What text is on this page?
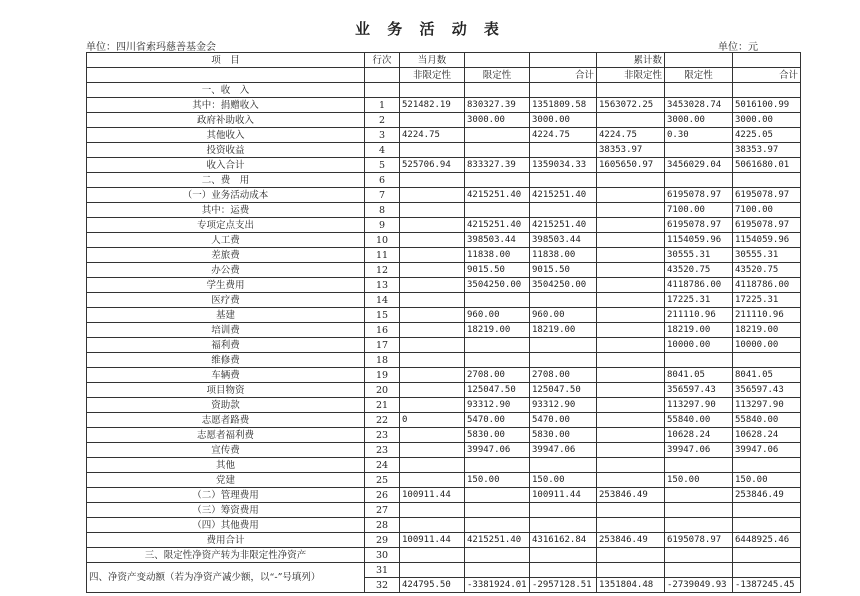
业 务 活 动 表
单位：四川省索玛慈善基金会	单位：元
项　目	行次	当月数			累计数		
		非限定性	限定性	合计	非限定性	限定性	合计
一、收　入							
其中：捐赠收入	1	521482.19	830327.39	1351809.58	1563072.25	3453028.74	5016100.99
政府补助收入	2		3000.00	3000.00		3000.00	3000.00
其他收入	3	4224.75		4224.75	4224.75	0.30	4225.05
投资收益	4				38353.97		38353.97
收入合计	5	525706.94	833327.39	1359034.33	1605650.97	3456029.04	5061680.01
二、费　用	6						
（一）业务活动成本	7		4215251.40	4215251.40		6195078.97	6195078.97
其中：运费	8					7100.00	7100.00
专项定点支出	9		4215251.40	4215251.40		6195078.97	6195078.97
人工费	10		398503.44	398503.44		1154059.96	1154059.96
差旅费	11		11838.00	11838.00		30555.31	30555.31
办公费	12		9015.50	9015.50		43520.75	43520.75
学生费用	13		3504250.00	3504250.00		4118786.00	4118786.00
医疗费	14					17225.31	17225.31
基建	15		960.00	960.00		211110.96	211110.96
培训费	16		18219.00	18219.00		18219.00	18219.00
福利费	17					10000.00	10000.00
维修费	18						
车辆费	19		2708.00	2708.00		8041.05	8041.05
项目物资	20		125047.50	125047.50		356597.43	356597.43
资助款	21		93312.90	93312.90		113297.90	113297.90
志愿者路费	22	0	5470.00	5470.00		55840.00	55840.00
志愿者福利费	23		5830.00	5830.00		10628.24	10628.24
宣传费	23		39947.06	39947.06		39947.06	39947.06
其他	24						
党建	25		150.00	150.00		150.00	150.00
（二）管理费用	26	100911.44		100911.44	253846.49		253846.49
（三）筹资费用	27						
（四）其他费用	28						
费用合计	29	100911.44	4215251.40	4316162.84	253846.49	6195078.97	6448925.46
三、限定性净资产转为非限定性净资产	30						
四、净资产变动额（若为净资产减少额，以“-”号填列）	31						
	32	424795.50	-3381924.01	-2957128.51	1351804.48	-2739049.93	-1387245.45
